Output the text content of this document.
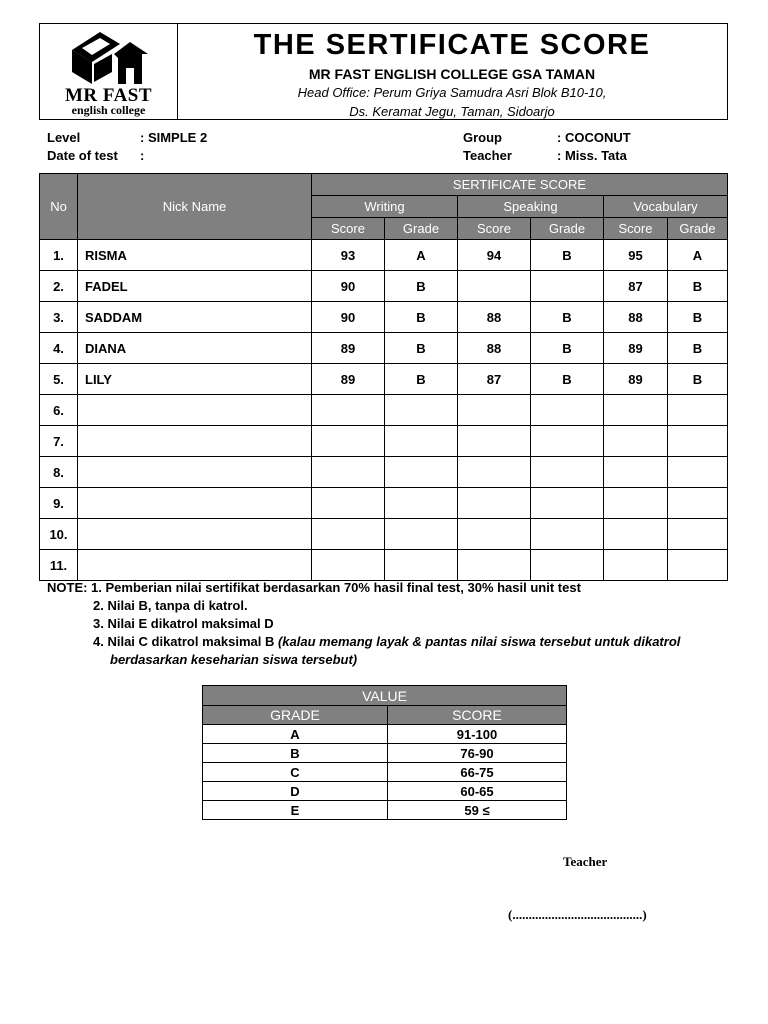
MR FAST
english college
THE SERTIFICATE SCORE
MR FAST ENGLISH COLLEGE GSA TAMAN
Head Office: Perum Griya Samudra Asri Blok B10-10,
Ds. Keramat Jegu, Taman, Sidoarjo
Level	: SIMPLE 2
Date of test :
Group	: COCONUT
Teacher	: Miss. Tata
No	Nick Name	SERTIFICATE SCORE					
		Writing		Speaking		Vocabulary	
		Score	Grade	Score	Grade	Score	Grade
1.	RISMA	93	A	94	B	95	A
2.	FADEL	90	B			87	B
3.	SADDAM	90	B	88	B	88	B
4.	DIANA	89	B	88	B	89	B
5.	LILY	89	B	87	B	89	B
6.							
7.							
8.							
9.							
10.							
11.							
NOTE: 1. Pemberian nilai sertifikat berdasarkan 70% hasil final test, 30% hasil unit test
2. Nilai B, tanpa di katrol.
3. Nilai E dikatrol maksimal D
4. Nilai C dikatrol maksimal B (kalau memang layak & pantas nilai siswa tersebut untuk dikatrol
berdasarkan keseharian siswa tersebut)
VALUE	
GRADE	SCORE
A	91-100
B	76-90
C	66-75
D	60-65
E	59 ≤
Teacher
(........................................)
